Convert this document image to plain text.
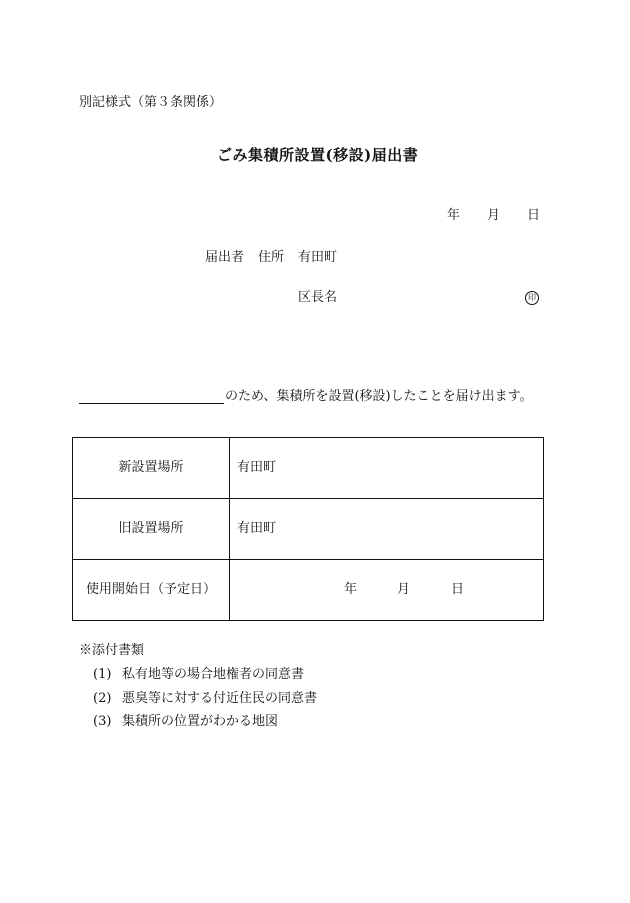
別記様式（第３条関係）
ごみ集積所設置(移設)届出書
年 月 日
届出者 住所 有田町
区長名	印
のため、集積所を設置(移設)したことを届け出ます。
新設置場所	有田町
旧設置場所	有田町
使用開始日（予定日）	年 月 日
※添付書類
(1) 私有地等の場合地権者の同意書
(2) 悪臭等に対する付近住民の同意書
(3) 集積所の位置がわかる地図
